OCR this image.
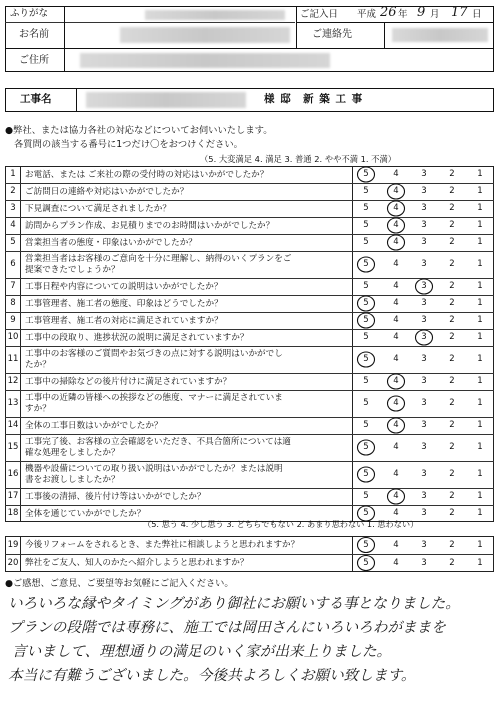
ふりがな
お名前
ご住所
ご記入日 平成 26 年 9 月 17 日
ご連絡先
工事名	様 邸　新 築 工 事
●弊社、または協力各社の対応などについてお伺いいたします。
各質問の該当する番号に1つだけ〇をおつけください。
（5. 大変満足 4. 満足 3. 普通 2. やや不満 1. 不満）
1	お電話、または ご来社の際の受付時の対応はいかがでしたか？	5	4	3	2	1
2	ご訪問日の連絡や対応はいかがでしたか？	5	4	3	2	1
3	下見調査について満足されましたか？	5	4	3	2	1
4	訪問からプラン作成、お見積りまでのお時間はいかがでしたか？	5	4	3	2	1
5	営業担当者の態度・印象はいかがでしたか？	5	4	3	2	1
6	営業担当者はお客様のご意向を十分に理解し、納得のいくプランをご
提案できたでしょうか？
5	4	3	2	1
7	工事日程や内容についての説明はいかがでしたか？	5	4	3	2	1
8	工事管理者、施工者の態度、印象はどうでしたか？	5	4	3	2	1
9	工事管理者、施工者の対応に満足されていますか？	5	4	3	2	1
10 工事中の段取り、進捗状況の説明に満足されていますか？	5	4	3	2	1
11 工事中のお客様のご質問やお気づきの点に対する説明はいかがでし
たか？
5	4	3	2	1
12 工事中の掃除などの後片付けに満足されていますか？	5	4	3	2	1
13 工事中の近隣の皆様への挨拶などの態度、マナーに満足されていま
すか？
5	4	3	2	1
14 全体の工事日数はいかがでしたか？	5	4	3	2	1
15 工事完了後、お客様の立会確認をいただき、不具合箇所については適
確な処理をしましたか？
5	4	3	2	1
16 機器や設備についての取り扱い説明はいかがでしたか？または説明
書をお渡ししましたか？
5	4	3	2	1
17 工事後の清掃、後片付け等はいかがでしたか？	5	4	3	2	1
18 全体を通じていかがでしたか？	5	4	3	2	1
（5. 思う 4. 少し思う 3. どちらでもない 2. あまり思わない 1. 思わない）
19 今後リフォームをされるとき、また弊社に相談しようと思われますか？	5	4	3	2	1
20 弊社をご友人、知人のかたへ紹介しようと思われますか？	5	4	3	2	1
●ご感想、ご意見、ご要望等お気軽にご記入ください。
いろいろな縁やタイミングがあり御社にお願いする事となりました。
プランの段階では専務に、施工では岡田さんにいろいろわがままを
言いまして、理想通りの満足のいく家が出来上りました。
本当に有難うございました。今後共よろしくお願い致します。
